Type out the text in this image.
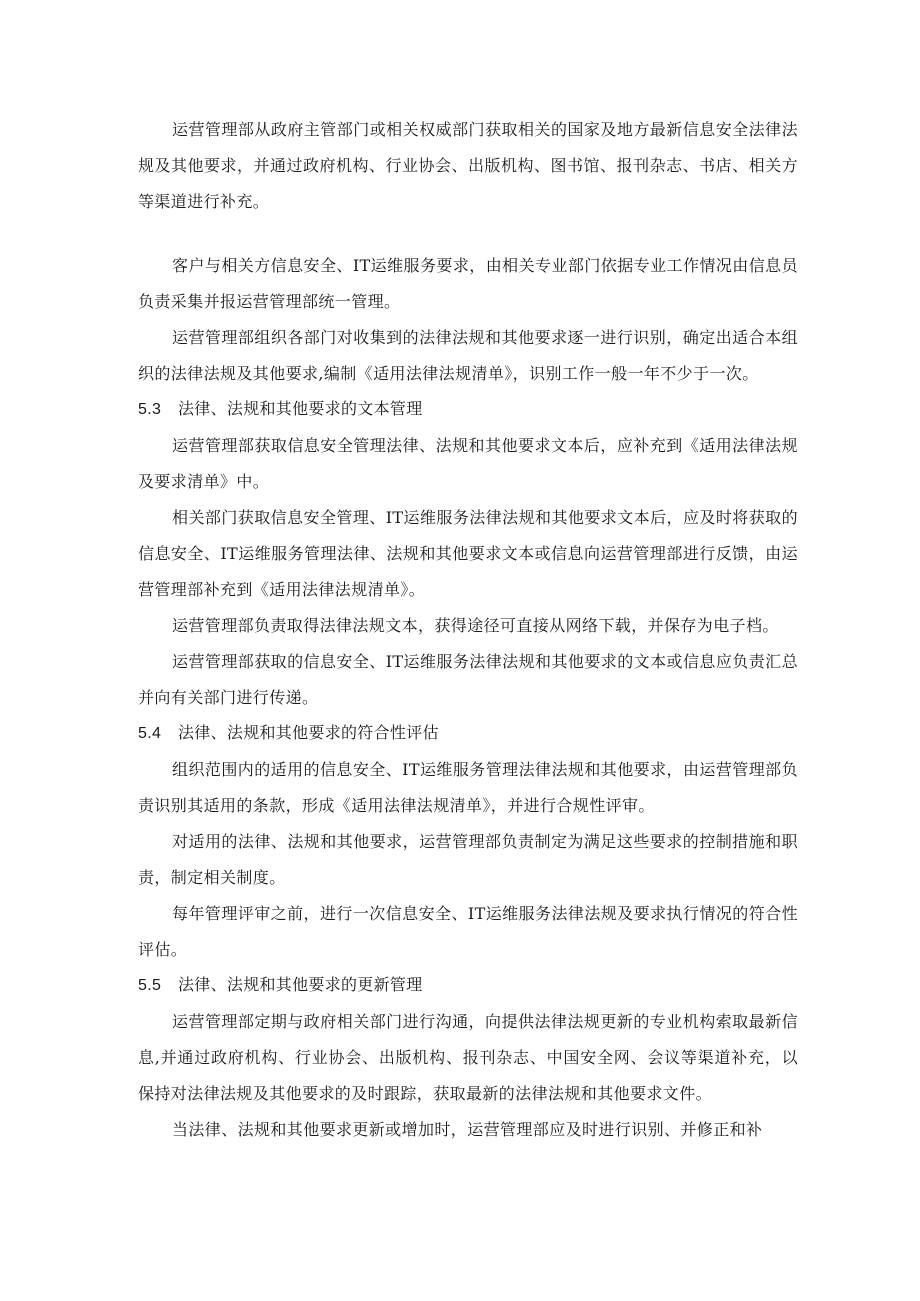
运营管理部从政府主管部门或相关权威部门获取相关的国家及地方最新信息安全法律法规及其他要求，并通过政府机构、行业协会、出版机构、图书馆、报刊杂志、书店、相关方等渠道进行补充。

客户与相关方信息安全、IT运维服务要求，由相关专业部门依据专业工作情况由信息员负责采集并报运营管理部统一管理。

运营管理部组织各部门对收集到的法律法规和其他要求逐一进行识别，确定出适合本组织的法律法规及其他要求,编制《适用法律法规清单》，识别工作一般一年不少于一次。

5.3 法律、法规和其他要求的文本管理

运营管理部获取信息安全管理法律、法规和其他要求文本后，应补充到《适用法律法规及要求清单》中。

相关部门获取信息安全管理、IT运维服务法律法规和其他要求文本后，应及时将获取的信息安全、IT运维服务管理法律、法规和其他要求文本或信息向运营管理部进行反馈，由运营管理部补充到《适用法律法规清单》。

运营管理部负责取得法律法规文本，获得途径可直接从网络下载，并保存为电子档。

运营管理部获取的信息安全、IT运维服务法律法规和其他要求的文本或信息应负责汇总并向有关部门进行传递。

5.4 法律、法规和其他要求的符合性评估

组织范围内的适用的信息安全、IT运维服务管理法律法规和其他要求，由运营管理部负责识别其适用的条款，形成《适用法律法规清单》，并进行合规性评审。

对适用的法律、法规和其他要求，运营管理部负责制定为满足这些要求的控制措施和职责，制定相关制度。

每年管理评审之前，进行一次信息安全、IT运维服务法律法规及要求执行情况的符合性评估。

5.5 法律、法规和其他要求的更新管理

运营管理部定期与政府相关部门进行沟通，向提供法律法规更新的专业机构索取最新信息,并通过政府机构、行业协会、出版机构、报刊杂志、中国安全网、会议等渠道补充，以保持对法律法规及其他要求的及时跟踪，获取最新的法律法规和其他要求文件。

当法律、法规和其他要求更新或增加时，运营管理部应及时进行识别、并修正和补
